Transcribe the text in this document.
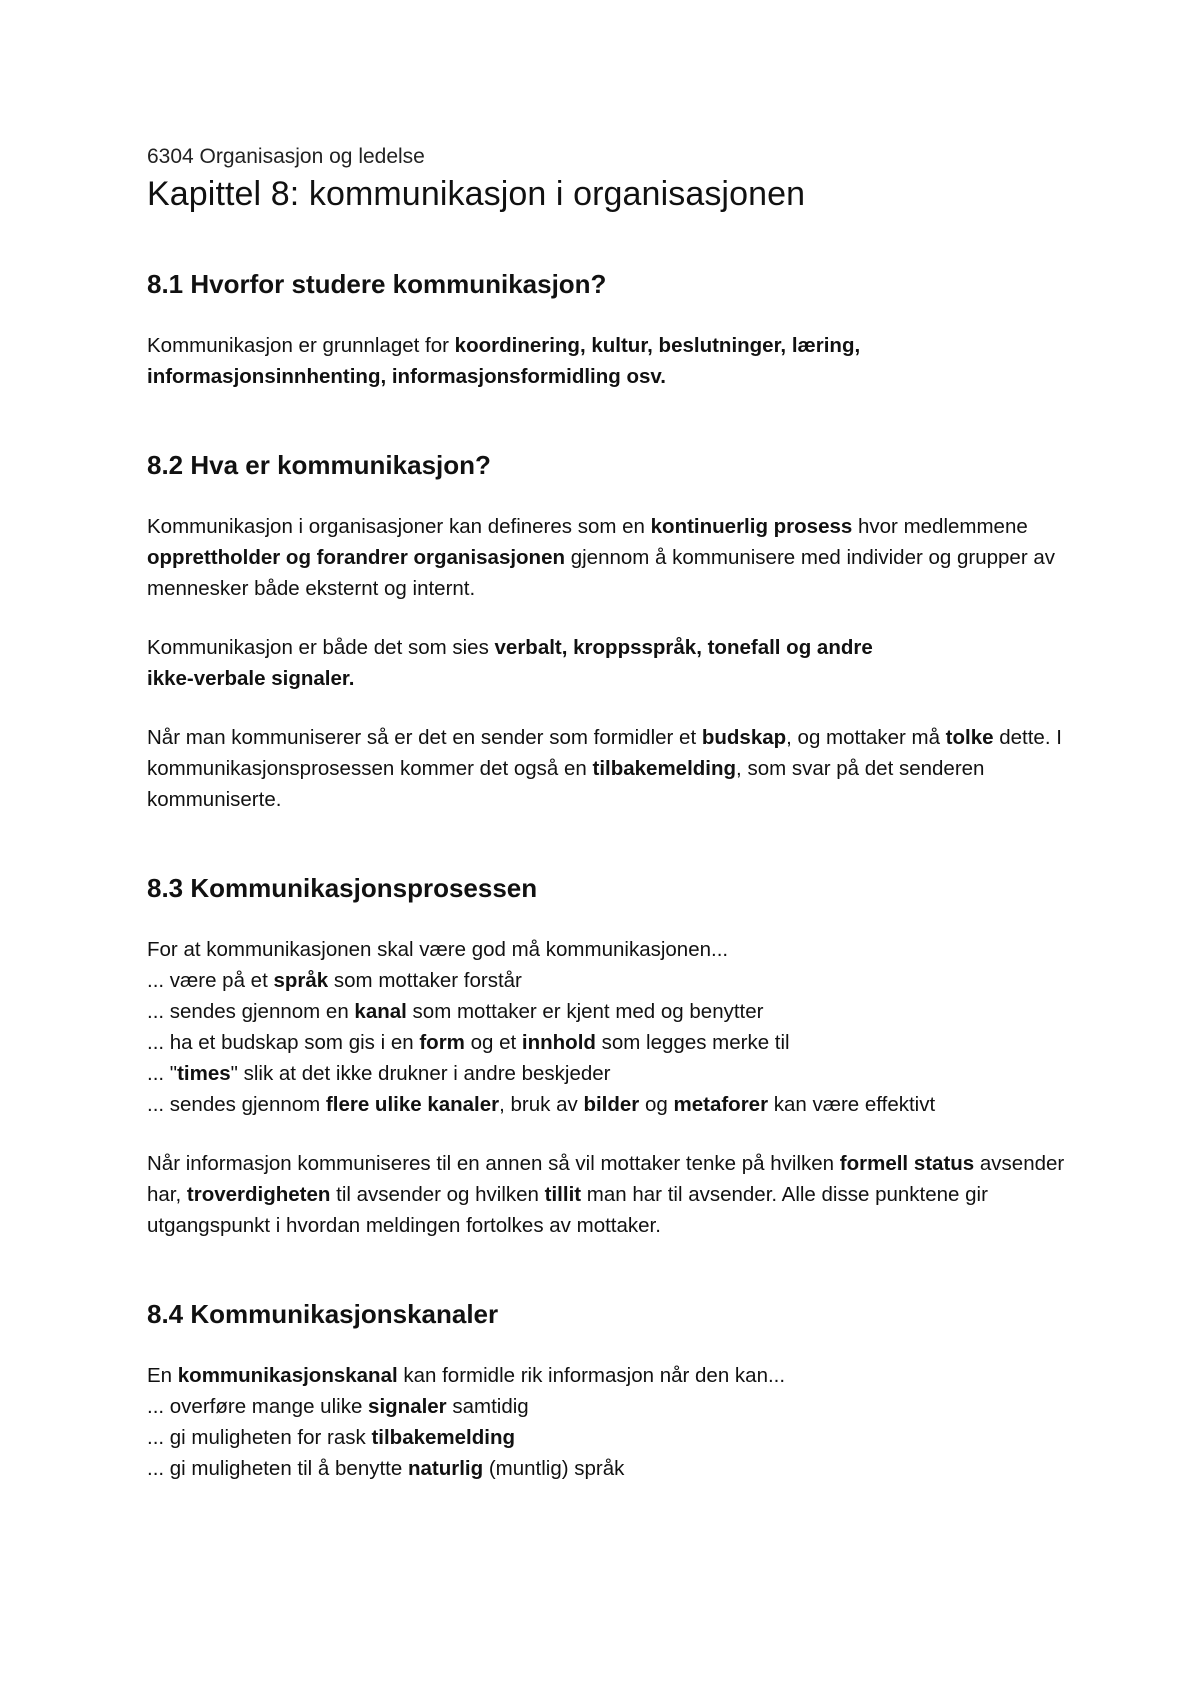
6304 Organisasjon og ledelse

Kapittel 8: kommunikasjon i organisasjonen
8.1 Hvorfor studere kommunikasjon?

Kommunikasjon er grunnlaget for koordinering, kultur, beslutninger, læring, informasjonsinnhenting, informasjonsformidling osv.

8.2 Hva er kommunikasjon?

Kommunikasjon i organisasjoner kan defineres som en kontinuerlig prosess hvor medlemmene opprettholder og forandrer organisasjonen gjennom å kommunisere med individer og grupper av mennesker både eksternt og internt.

Kommunikasjon er både det som sies verbalt, kroppsspråk, tonefall og andre
ikke-verbale signaler.

Når man kommuniserer så er det en sender som formidler et budskap, og mottaker må tolke dette. I kommunikasjonsprosessen kommer det også en tilbakemelding, som svar på det senderen kommuniserte.

8.3 Kommunikasjonsprosessen

For at kommunikasjonen skal være god må kommunikasjonen...

... være på et språk som mottaker forstår
... sendes gjennom en kanal som mottaker er kjent med og benytter
... ha et budskap som gis i en form og et innhold som legges merke til
... "times" slik at det ikke drukner i andre beskjeder
... sendes gjennom flere ulike kanaler, bruk av bilder og metaforer kan være effektivt

Når informasjon kommuniseres til en annen så vil mottaker tenke på hvilken formell status avsender har, troverdigheten til avsender og hvilken tillit man har til avsender. Alle disse punktene gir utgangspunkt i hvordan meldingen fortolkes av mottaker.

8.4 Kommunikasjonskanaler

En kommunikasjonskanal kan formidle rik informasjon når den kan...

... overføre mange ulike signaler samtidig
... gi muligheten for rask tilbakemelding
... gi muligheten til å benytte naturlig (muntlig) språk
